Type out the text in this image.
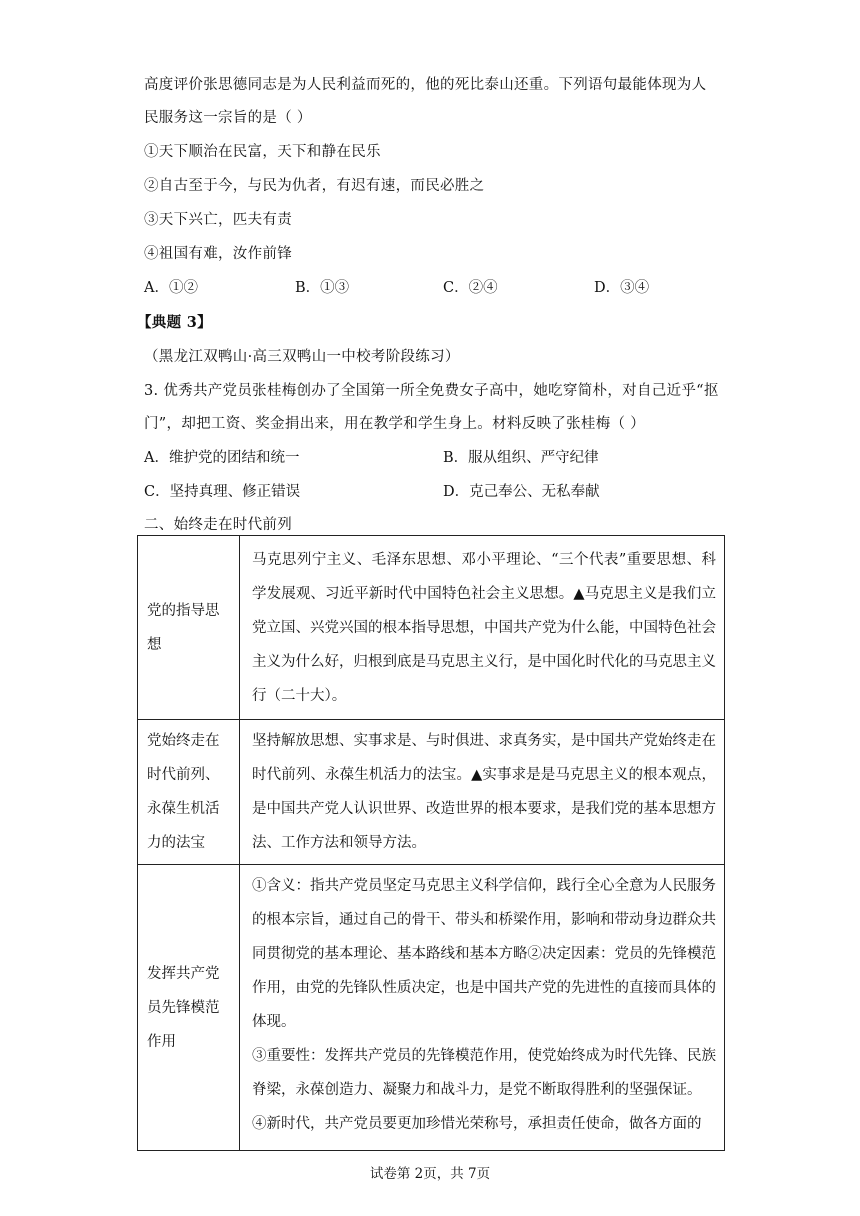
高度评价张思德同志是为人民利益而死的，他的死比泰山还重。下列语句最能体现为人
民服务这一宗旨的是（ ）
①天下顺治在民富，天下和静在民乐
②自古至于今，与民为仇者，有迟有速，而民必胜之
③天下兴亡，匹夫有责
④祖国有难，汝作前锋
A．①②	B．①③	C．②④	D．③④
【典题 3】
（黑龙江双鸭山·高三双鸭山一中校考阶段练习）
3. 优秀共产党员张桂梅创办了全国第一所全免费女子高中，她吃穿简朴，对自己近乎“抠
门”，却把工资、奖金捐出来，用在教学和学生身上。材料反映了张桂梅（ ）
A．维护党的团结和统一	B．服从组织、严守纪律
C．坚持真理、修正错误	D．克己奉公、无私奉献
二、始终走在时代前列
党的指导思想	马克思列宁主义、毛泽东思想、邓小平理论、“三个代表”重要思想、科学发展观、习近平新时代中国特色社会主义思想。▲马克思主义是我们立党立国、兴党兴国的根本指导思想，中国共产党为什么能，中国特色社会主义为什么好，归根到底是马克思主义行，是中国化时代化的马克思主义行（二十大）。

党始终走在时代前列、永葆生机活力的法宝	坚持解放思想、实事求是、与时俱进、求真务实，是中国共产党始终走在时代前列、永葆生机活力的法宝。▲实事求是是马克思主义的根本观点，是中国共产党人认识世界、改造世界的根本要求，是我们党的基本思想方法、工作方法和领导方法。

发挥共产党员先锋模范作用	①含义：指共产党员坚定马克思主义科学信仰，践行全心全意为人民服务的根本宗旨，通过自己的骨干、带头和桥梁作用，影响和带动身边群众共同贯彻党的基本理论、基本路线和基本方略②决定因素：党员的先锋模范作用，由党的先锋队性质决定，也是中国共产党的先进性的直接而具体的体现。
③重要性：发挥共产党员的先锋模范作用，使党始终成为时代先锋、民族脊梁，永葆创造力、凝聚力和战斗力，是党不断取得胜利的坚强保证。
④新时代，共产党员要更加珍惜光荣称号，承担责任使命，做各方面的
试卷第 2页，共 7页
